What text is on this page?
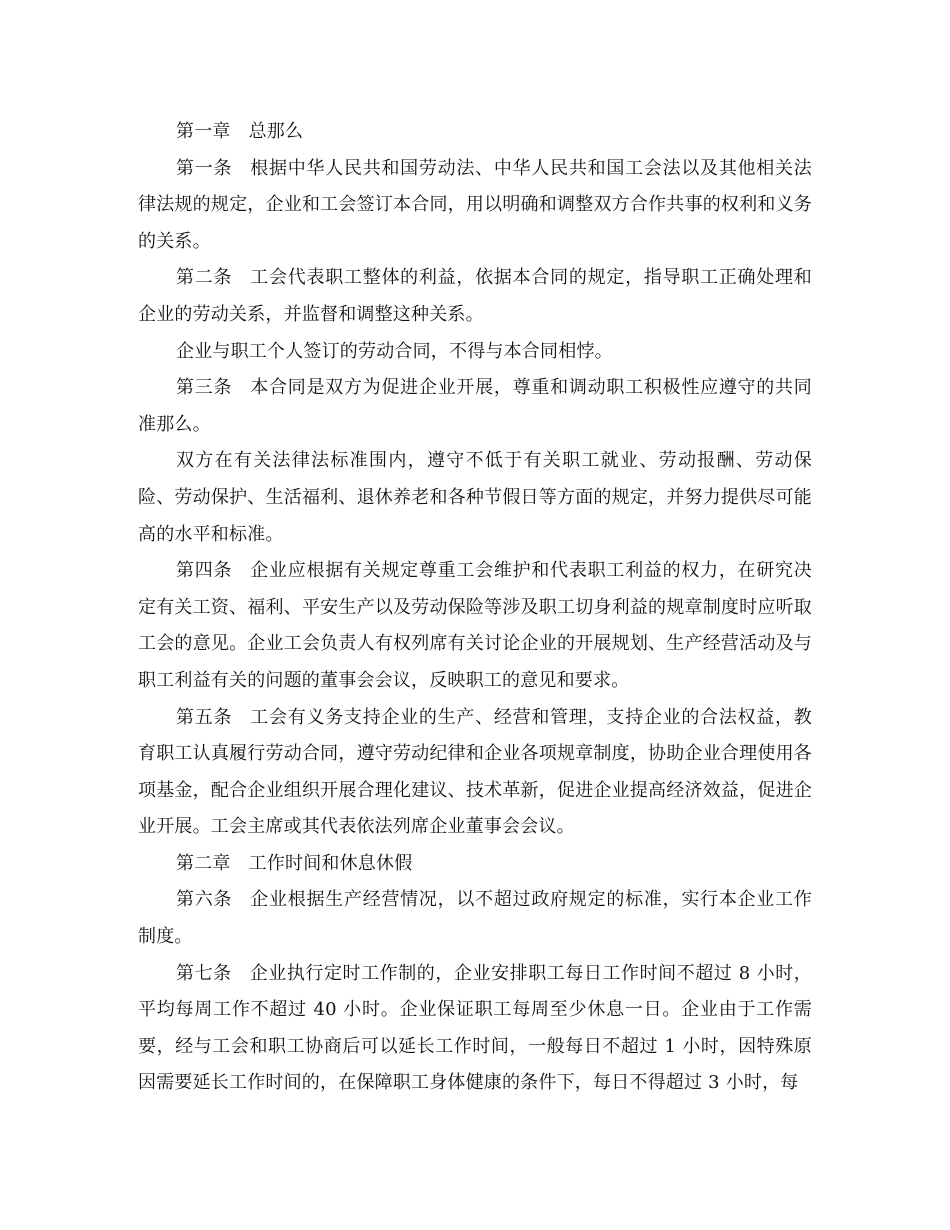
第一章 总那么

第一条 根据中华人民共和国劳动法、中华人民共和国工会法以及其他相关法律法规的规定，企业和工会签订本合同，用以明确和调整双方合作共事的权利和义务的关系。

第二条 工会代表职工整体的利益，依据本合同的规定，指导职工正确处理和企业的劳动关系，并监督和调整这种关系。

企业与职工个人签订的劳动合同，不得与本合同相悖。

第三条 本合同是双方为促进企业开展，尊重和调动职工积极性应遵守的共同准那么。

双方在有关法律法标准围内，遵守不低于有关职工就业、劳动报酬、劳动保险、劳动保护、生活福利、退休养老和各种节假日等方面的规定，并努力提供尽可能高的水平和标准。

第四条 企业应根据有关规定尊重工会维护和代表职工利益的权力，在研究决定有关工资、福利、平安生产以及劳动保险等涉及职工切身利益的规章制度时应听取工会的意见。企业工会负责人有权列席有关讨论企业的开展规划、生产经营活动及与职工利益有关的问题的董事会会议，反映职工的意见和要求。

第五条 工会有义务支持企业的生产、经营和管理，支持企业的合法权益，教育职工认真履行劳动合同，遵守劳动纪律和企业各项规章制度，协助企业合理使用各项基金，配合企业组织开展合理化建议、技术革新，促进企业提高经济效益，促进企业开展。工会主席或其代表依法列席企业董事会会议。

第二章 工作时间和休息休假

第六条 企业根据生产经营情况，以不超过政府规定的标准，实行本企业工作制度。

第七条 企业执行定时工作制的，企业安排职工每日工作时间不超过 8 小时，平均每周工作不超过 40 小时。企业保证职工每周至少休息一日。企业由于工作需要，经与工会和职工协商后可以延长工作时间，一般每日不超过 1 小时，因特殊原因需要延长工作时间的，在保障职工身体健康的条件下，每日不得超过 3 小时，每
